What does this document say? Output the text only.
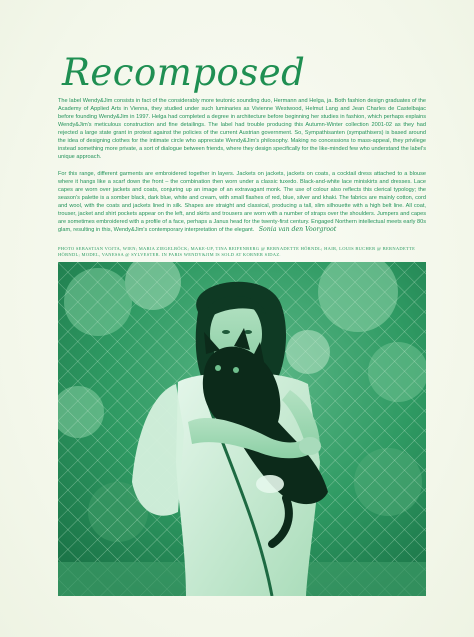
Recomposed
The label Wendy&Jim consists in fact of the considerably more teutonic sounding duo, Hermann and Helga, ja. Both fashion design graduates of the Academy of Applied Arts in Vienna, they studied under such luminaries as Vivienne Westwood, Helmut Lang and Jean Charles de Castelbajac before founding Wendy&Jim in 1997. Helga had completed a degree in architecture before beginning her studies in fashion, which perhaps explains Wendy&Jim's meticulous construction and fine detailings. The label had trouble producing this Autumn-Winter collection 2001-02 as they had rejected a large state grant in protest against the policies of the current Austrian government. So, Sympathisanten (sympathisers) is based around the idea of designing clothes for the intimate circle who appreciate Wendy&Jim's philosophy. Making no concessions to mass-appeal, they privilege instead something more private, a sort of dialogue between friends, where they design specifically for the like-minded few who understand the label's unique approach.
For this range, different garments are embroidered together in layers. Jackets on jackets, jackets on coats, a cocktail dress attached to a blouse where it hangs like a scarf down the front – the combination then worn under a classic tuxedo. Black-and-white lace miniskirts and dresses. Lace capes are worn over jackets and coats, conjuring up an image of an extravagant monk. The use of colour also reflects this clerical typology; the season's palette is a somber black, dark blue, white and cream, with small flashes of red, blue, silver and khaki. The fabrics are mainly cotton, cord and wool, with the coats and jackets lined in silk. Shapes are straight and classical, producing a tall, slim silhouette with a high belt line. All coat, trouser, jacket and shirt pockets appear on the left, and skirts and trousers are worn with a number of straps over the shoulders. Jumpers and capes are sometimes embroidered with a profile of a face, perhaps a Janus head for the twenty-first century. Engaged Northern intellectual meets early 80s glam, resulting in this, Wendy&Jim's contemporary interpretation of the elegant. Sonia van den Voorgroot
PHOTO SEBASTIAN VOJTA, WIEN; MARIA ZIEGELBÖCK; MAKE-UP, TINA REIFENBERG @ BERNADETTE HÖRNDL; HAIR, LOUIS BUCHER @ BERNADETTE HÖRNDL; MODEL, VANESSA @ SYLVESTER. IN PARIS WENDY&JIM IS SOLD AT KORNER SIDAZ.
